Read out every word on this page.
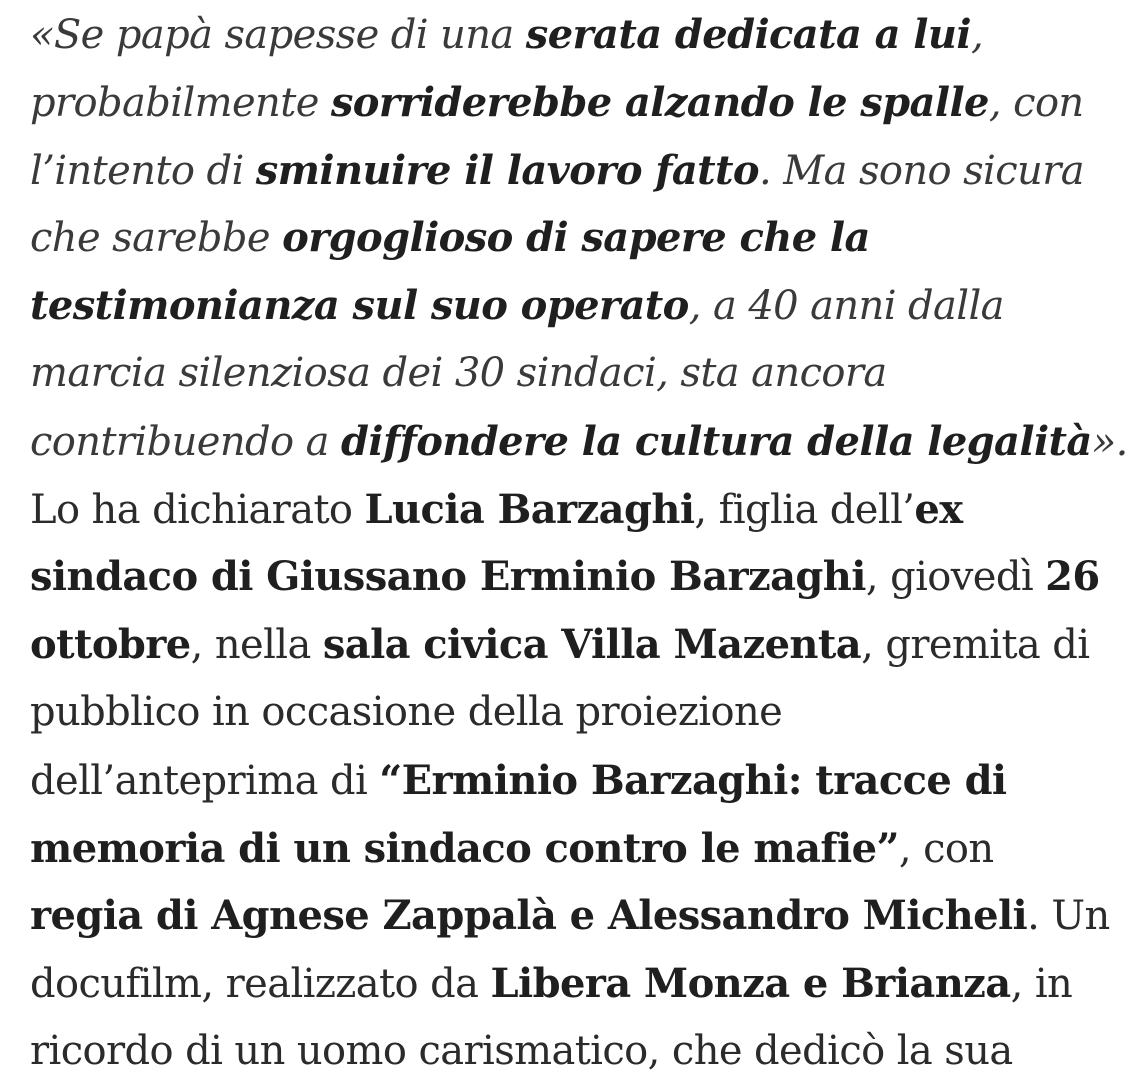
«Se papà sapesse di una serata dedicata a lui,
probabilmente sorriderebbe alzando le spalle, con
l’intento di sminuire il lavoro fatto. Ma sono sicura
che sarebbe orgoglioso di sapere che la
testimonianza sul suo operato, a 40 anni dalla
marcia silenziosa dei 30 sindaci, sta ancora
contribuendo a diffondere la cultura della legalità».
Lo ha dichiarato Lucia Barzaghi, figlia dell’ex
sindaco di Giussano Erminio Barzaghi, giovedì 26
ottobre, nella sala civica Villa Mazenta, gremita di
pubblico in occasione della proiezione
dell’anteprima di “Erminio Barzaghi: tracce di
memoria di un sindaco contro le mafie”, con
regia di Agnese Zappalà e Alessandro Micheli. Un
docufilm, realizzato da Libera Monza e Brianza, in
ricordo di un uomo carismatico, che dedicò la sua
